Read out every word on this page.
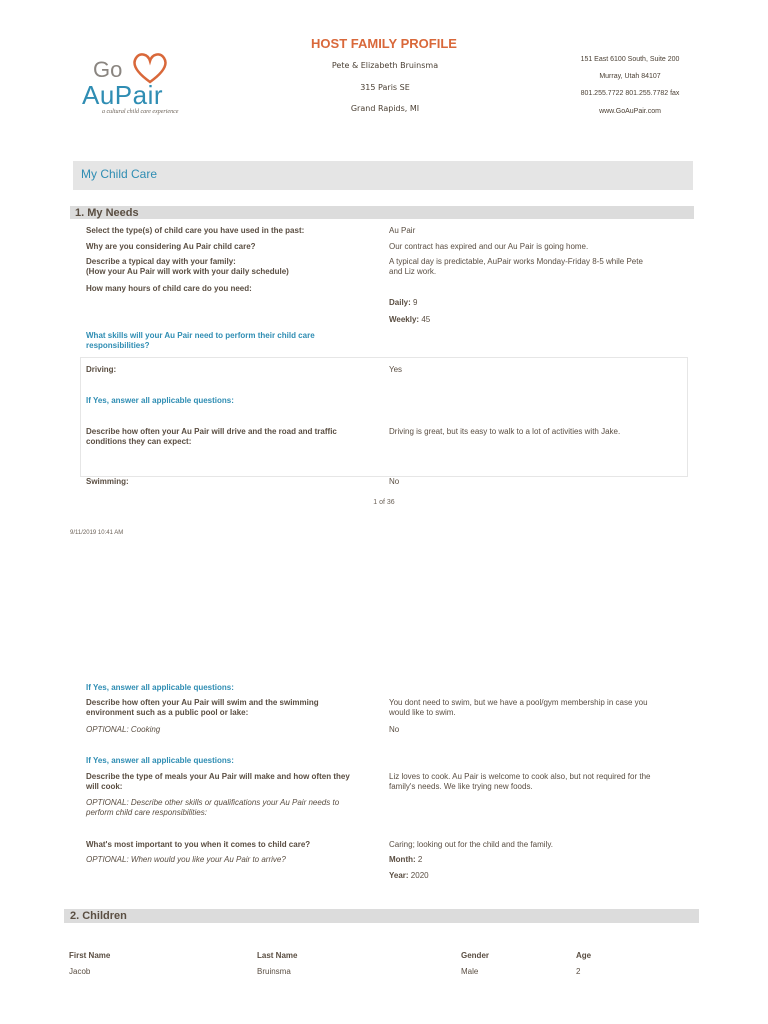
Go
AuPair
a cultural child care experience
HOST FAMILY PROFILE
Pete & Elizabeth Bruinsma
315 Paris SE
Grand Rapids, MI
151 East 6100 South, Suite 200
Murray, Utah 84107
801.255.7722 801.255.7782 fax
www.GoAuPair.com
My Child Care
1. My Needs
Select the type(s) of child care you have used in the past:	Au Pair
Why are you considering Au Pair child care?	Our contract has expired and our Au Pair is going home.
Describe a typical day with your family:
(How your Au Pair will work with your daily schedule)
A typical day is predictable, AuPair works Monday-Friday 8-5 while Pete
and Liz work.
How many hours of child care do you need:
Daily: 9
Weekly: 45
What skills will your Au Pair need to perform their child care
responsibilities?
Driving:	Yes
If Yes, answer all applicable questions:
Describe how often your Au Pair will drive and the road and traffic
conditions they can expect:
Driving is great, but its easy to walk to a lot of activities with Jake.
Swimming:	No
1 of 36
9/11/2019 10:41 AM
If Yes, answer all applicable questions:
Describe how often your Au Pair will swim and the swimming
environment such as a public pool or lake:
You dont need to swim, but we have a pool/gym membership in case you
would like to swim.
OPTIONAL: Cooking	No
If Yes, answer all applicable questions:
Describe the type of meals your Au Pair will make and how often they
will cook:
Liz loves to cook. Au Pair is welcome to cook also, but not required for the
family's needs. We like trying new foods.
OPTIONAL: Describe other skills or qualifications your Au Pair needs to
perform child care responsibilities:
What's most important to you when it comes to child care?	Caring; looking out for the child and the family.
OPTIONAL: When would you like your Au Pair to arrive?	Month: 2
Year: 2020
2. Children
First Name	Last Name	Gender	Age
Jacob	Bruinsma	Male	2
